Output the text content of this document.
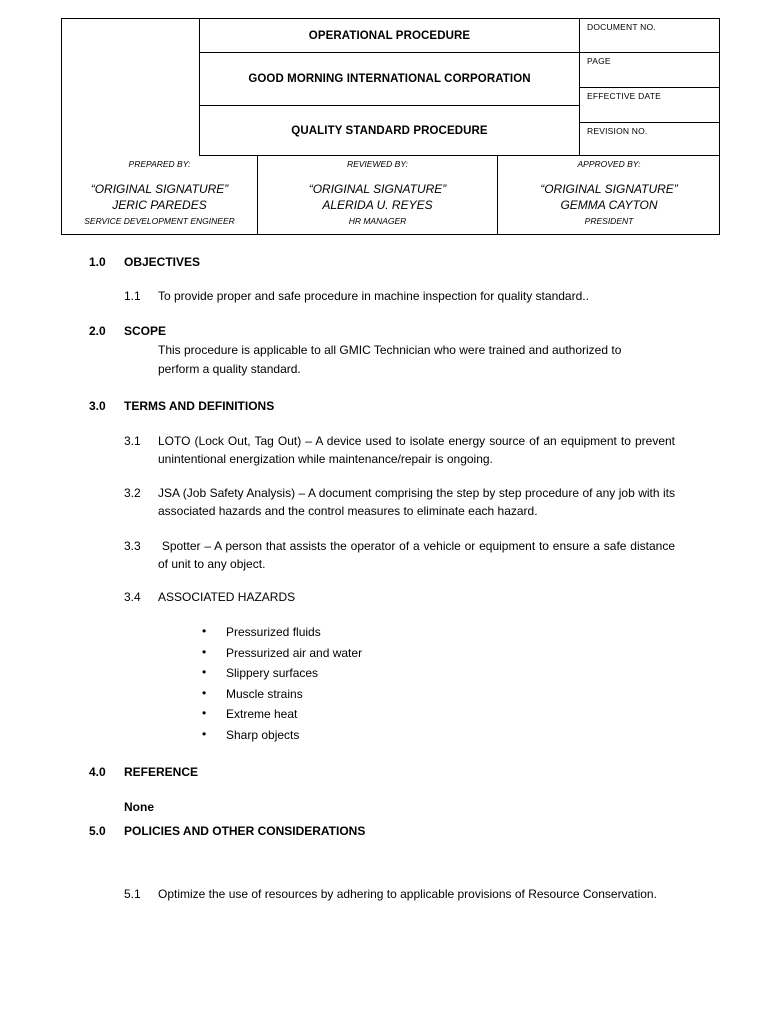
OPERATIONAL PROCEDURE
GOOD MORNING INTERNATIONAL CORPORATION
QUALITY STANDARD PROCEDURE
DOCUMENT NO.
PAGE
EFFECTIVE DATE
REVISION NO.
PREPARED BY:
“ORIGINAL SIGNATURE”
JERIC PAREDES
SERVICE DEVELOPMENT ENGINEER
REVIEWED BY:
“ORIGINAL SIGNATURE”
ALERIDA U. REYES
HR MANAGER
APPROVED BY:
“ORIGINAL SIGNATURE”
GEMMA CAYTON
PRESIDENT
1.0 OBJECTIVES
1.1 To provide proper and safe procedure in machine inspection for quality standard..
2.0 SCOPE
This procedure is applicable to all GMIC Technician who were trained and authorized to perform a quality standard.
3.0 TERMS AND DEFINITIONS
3.1 LOTO (Lock Out, Tag Out) – A device used to isolate energy source of an equipment to prevent unintentional energization while maintenance/repair is ongoing.
3.2 JSA (Job Safety Analysis) – A document comprising the step by step procedure of any job with its associated hazards and the control measures to eliminate each hazard.
3.3 Spotter – A person that assists the operator of a vehicle or equipment to ensure a safe distance of unit to any object.
3.4 ASSOCIATED HAZARDS
• Pressurized fluids
• Pressurized air and water
• Slippery surfaces
• Muscle strains
• Extreme heat
• Sharp objects
4.0 REFERENCE
None
5.0 POLICIES AND OTHER CONSIDERATIONS
5.1 Optimize the use of resources by adhering to applicable provisions of Resource Conservation.
